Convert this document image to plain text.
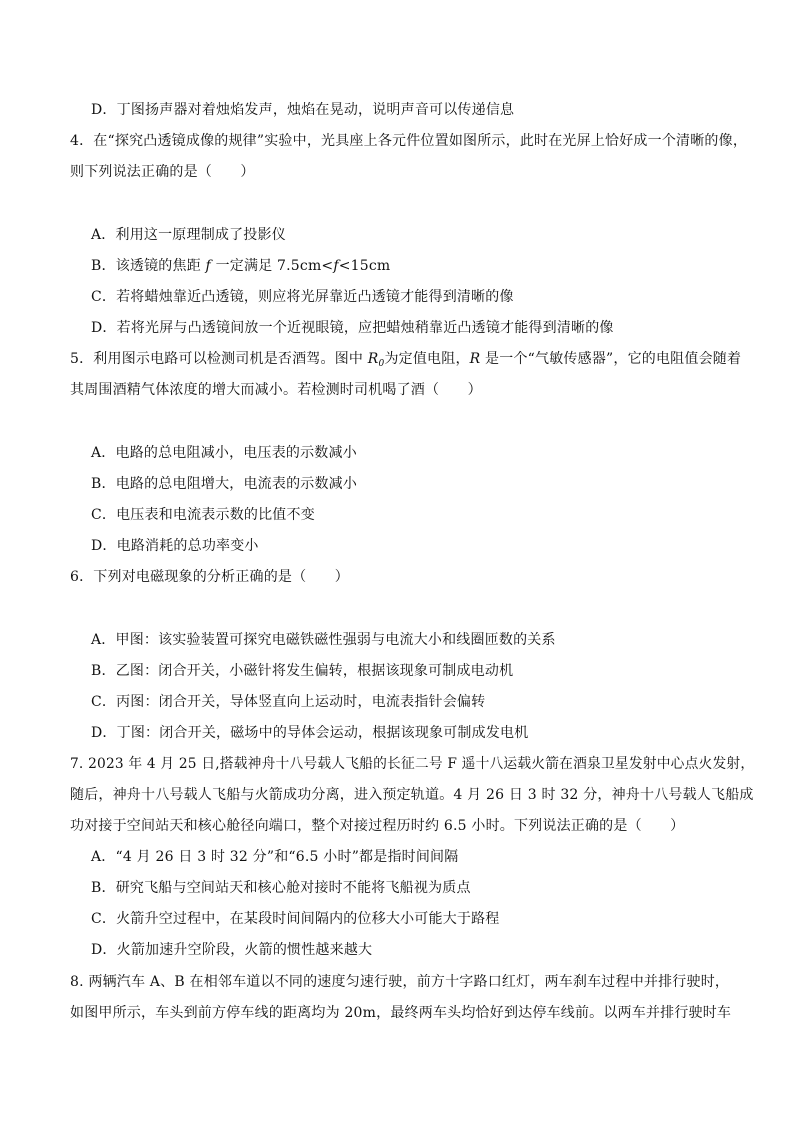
D．丁图扬声器对着烛焰发声，烛焰在晃动，说明声音可以传递信息
4．在“探究凸透镜成像的规律”实验中，光具座上各元件位置如图所示，此时在光屏上恰好成一个清晰的像，
则下列说法正确的是（　　）
A．利用这一原理制成了投影仪
B．该透镜的焦距 f 一定满足 7.5cm<f<15cm
C．若将蜡烛靠近凸透镜，则应将光屏靠近凸透镜才能得到清晰的像
D．若将光屏与凸透镜间放一个近视眼镜，应把蜡烛稍靠近凸透镜才能得到清晰的像
5．利用图示电路可以检测司机是否酒驾。图中 $R_0$为定值电阻，R 是一个“气敏传感器”，它的电阻值会随着
其周围酒精气体浓度的增大而减小。若检测时司机喝了酒（　　）
A．电路的总电阻减小，电压表的示数减小
B．电路的总电阻增大，电流表的示数减小
C．电压表和电流表示数的比值不变
D．电路消耗的总功率变小
6．下列对电磁现象的分析正确的是（　　）
A．甲图：该实验装置可探究电磁铁磁性强弱与电流大小和线圈匝数的关系
B．乙图：闭合开关，小磁针将发生偏转，根据该现象可制成电动机
C．丙图：闭合开关，导体竖直向上运动时，电流表指针会偏转
D．丁图：闭合开关，磁场中的导体会运动，根据该现象可制成发电机
7. 2023 年 4 月 25 日,搭载神舟十八号载人飞船的长征二号 F 遥十八运载火箭在酒泉卫星发射中心点火发射，
随后，神舟十八号载人飞船与火箭成功分离，进入预定轨道。4 月 26 日 3 时 32 分，神舟十八号载人飞船成
功对接于空间站天和核心舱径向端口，整个对接过程历时约 6.5 小时。下列说法正确的是（　　）
A．“4 月 26 日 3 时 32 分”和“6.5 小时”都是指时间间隔
B．研究飞船与空间站天和核心舱对接时不能将飞船视为质点
C．火箭升空过程中，在某段时间间隔内的位移大小可能大于路程
D．火箭加速升空阶段，火箭的惯性越来越大
8. 两辆汽车 A、B 在相邻车道以不同的速度匀速行驶，前方十字路口红灯，两车刹车过程中并排行驶时，
如图甲所示，车头到前方停车线的距离均为 20m，最终两车头均恰好到达停车线前。以两车并排行驶时车
